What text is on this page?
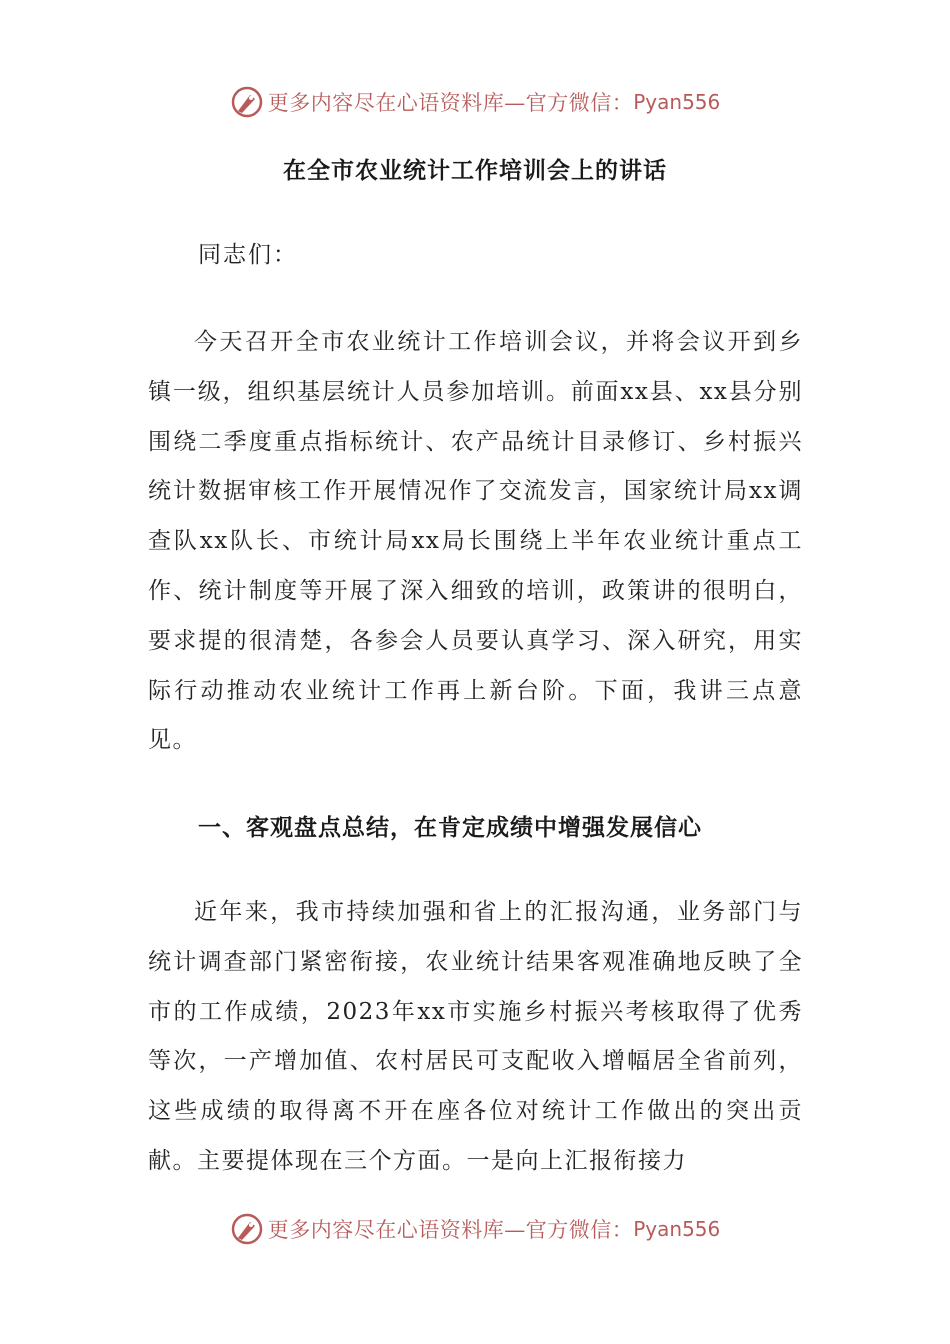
更多内容尽在心语资料库—官方微信： Pyan556
在全市农业统计工作培训会上的讲话
同志们：

今天召开全市农业统计工作培训会议，并将会议开到乡镇一级，组织基层统计人员参加培训。前面xx县、xx县分别围绕二季度重点指标统计、农产品统计目录修订、乡村振兴统计数据审核工作开展情况作了交流发言，国家统计局xx调查队xx队长、市统计局xx局长围绕上半年农业统计重点工作、统计制度等开展了深入细致的培训，政策讲的很明白，要求提的很清楚，各参会人员要认真学习、深入研究，用实际行动推动农业统计工作再上新台阶。下面，我讲三点意见。

一、客观盘点总结，在肯定成绩中增强发展信心

近年来，我市持续加强和省上的汇报沟通，业务部门与统计调查部门紧密衔接，农业统计结果客观准确地反映了全市的工作成绩，2023年xx市实施乡村振兴考核取得了优秀等次，一产增加值、农村居民可支配收入增幅居全省前列，这些成绩的取得离不开在座各位对统计工作做出的突出贡献。主要提体现在三个方面。一是向上汇报衔接力

更多内容尽在心语资料库—官方微信： Pyan556
